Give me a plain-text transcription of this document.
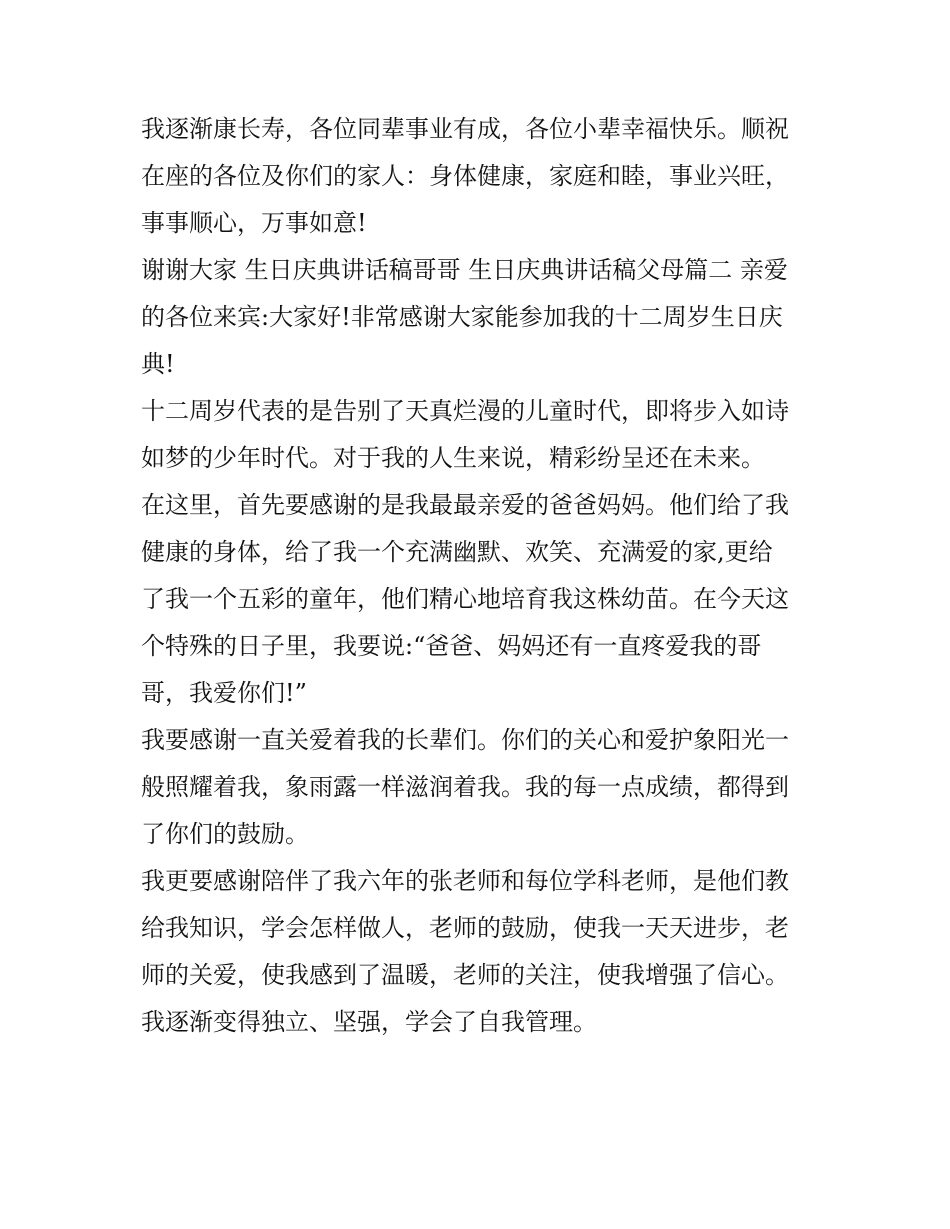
我逐渐康长寿，各位同辈事业有成，各位小辈幸福快乐。顺祝
在座的各位及你们的家人：身体健康，家庭和睦，事业兴旺，
事事顺心，万事如意!
谢谢大家 生日庆典讲话稿哥哥 生日庆典讲话稿父母篇二 亲爱
的各位来宾:大家好!非常感谢大家能参加我的十二周岁生日庆
典!
十二周岁代表的是告别了天真烂漫的儿童时代，即将步入如诗
如梦的少年时代。对于我的人生来说，精彩纷呈还在未来。
在这里，首先要感谢的是我最最亲爱的爸爸妈妈。他们给了我
健康的身体，给了我一个充满幽默、欢笑、充满爱的家,更给
了我一个五彩的童年，他们精心地培育我这株幼苗。在今天这
个特殊的日子里，我要说:“爸爸、妈妈还有一直疼爱我的哥
哥，我爱你们!”
我要感谢一直关爱着我的长辈们。你们的关心和爱护象阳光一
般照耀着我，象雨露一样滋润着我。我的每一点成绩，都得到
了你们的鼓励。
我更要感谢陪伴了我六年的张老师和每位学科老师，是他们教
给我知识，学会怎样做人，老师的鼓励，使我一天天进步，老
师的关爱，使我感到了温暖，老师的关注，使我增强了信心。
我逐渐变得独立、坚强，学会了自我管理。
